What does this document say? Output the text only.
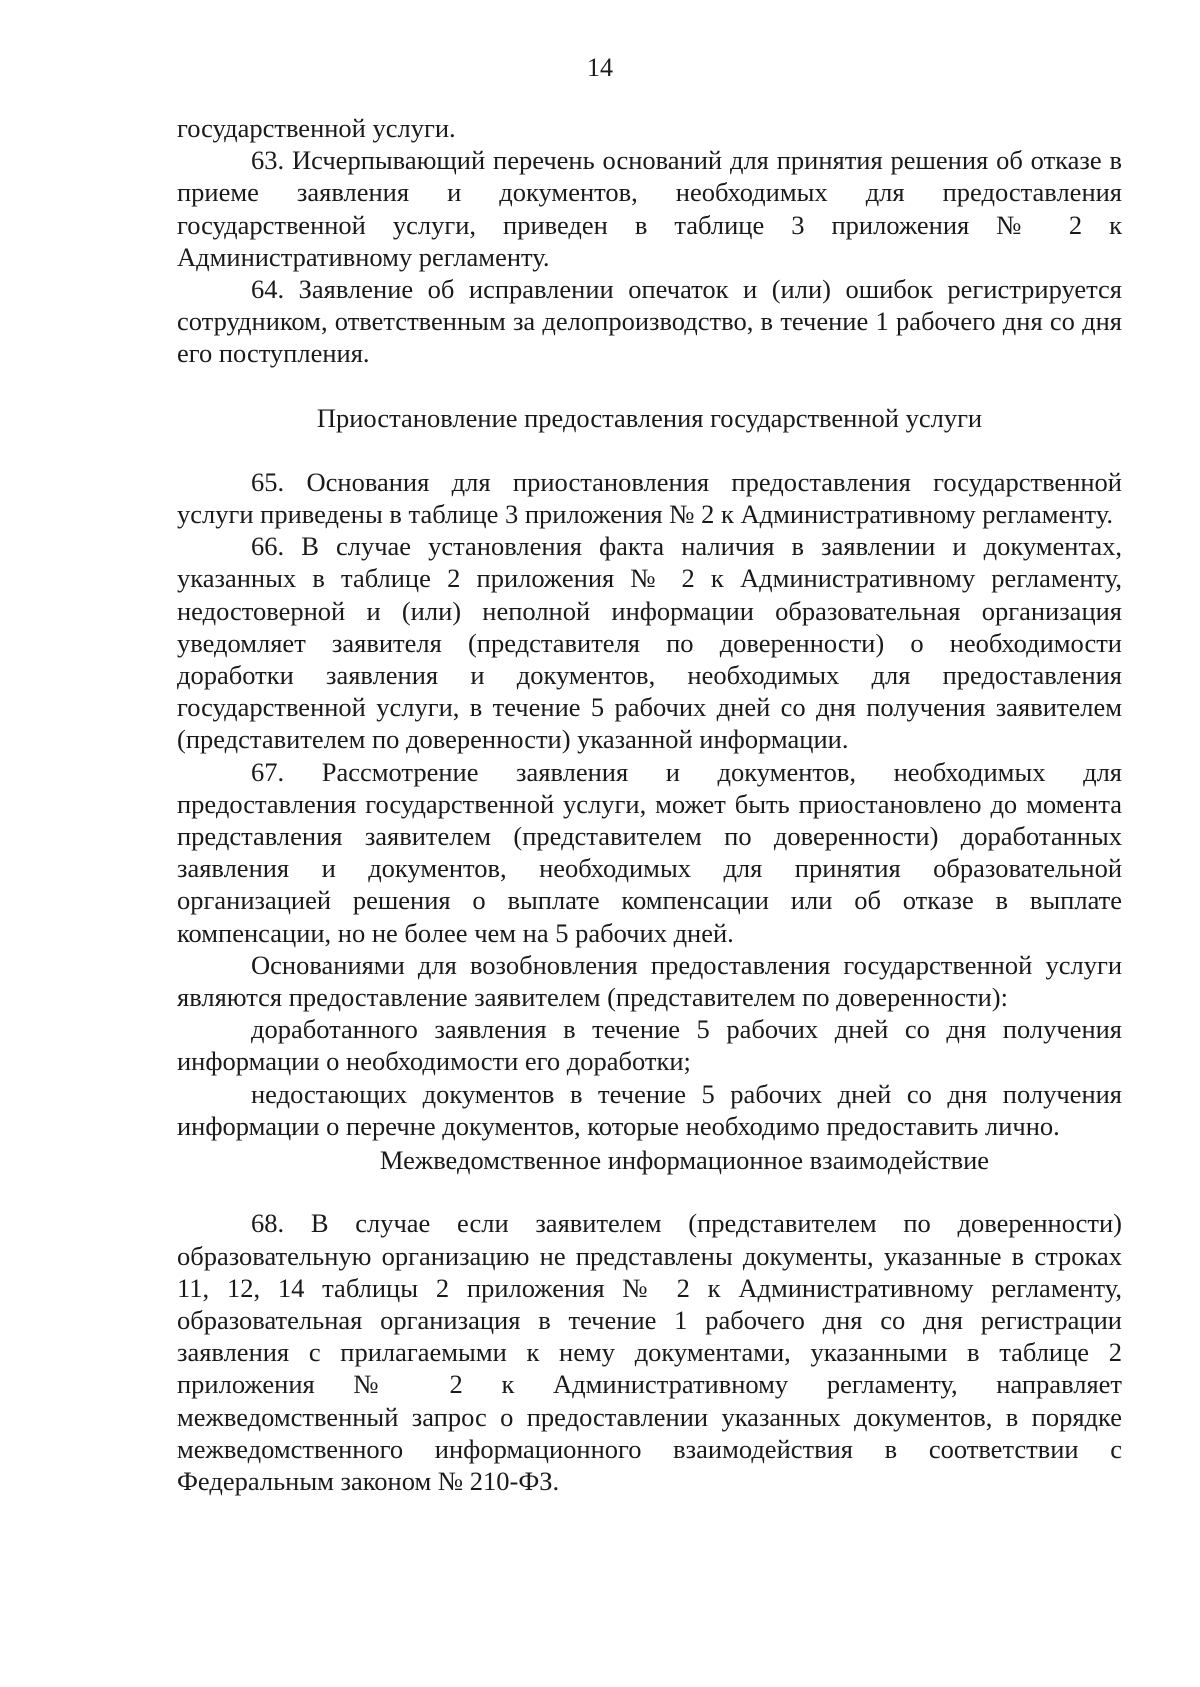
14

государственной услуги.

63. Исчерпывающий перечень оснований для принятия решения об отказе в приеме заявления и документов, необходимых для предоставления государственной услуги, приведен в таблице 3 приложения № 2 к Административному регламенту.

64. Заявление об исправлении опечаток и (или) ошибок регистрируется сотрудником, ответственным за делопроизводство, в течение 1 рабочего дня со дня его поступления.

Приостановление предоставления государственной услуги

65. Основания для приостановления предоставления государственной услуги приведены в таблице 3 приложения № 2 к Административному регламенту.

66. В случае установления факта наличия в заявлении и документах, указанных в таблице 2 приложения № 2 к Административному регламенту, недостоверной и (или) неполной информации образовательная организация уведомляет заявителя (представителя по доверенности) о необходимости доработки заявления и документов, необходимых для предоставления государственной услуги, в течение 5 рабочих дней со дня получения заявителем (представителем по доверенности) указанной информации.

67. Рассмотрение заявления и документов, необходимых для предоставления государственной услуги, может быть приостановлено до момента представления заявителем (представителем по доверенности) доработанных заявления и документов, необходимых для принятия образовательной организацией решения о выплате компенсации или об отказе в выплате компенсации, но не более чем на 5 рабочих дней.

Основаниями для возобновления предоставления государственной услуги являются предоставление заявителем (представителем по доверенности):

доработанного заявления в течение 5 рабочих дней со дня получения информации о необходимости его доработки;

недостающих документов в течение 5 рабочих дней со дня получения информации о перечне документов, которые необходимо предоставить лично.

Межведомственное информационное взаимодействие

68. В случае если заявителем (представителем по доверенности) образовательную организацию не представлены документы, указанные в строках 11, 12, 14 таблицы 2 приложения № 2 к Административному регламенту, образовательная организация в течение 1 рабочего дня со дня регистрации заявления с прилагаемыми к нему документами, указанными в таблице 2 приложения № 2 к Административному регламенту, направляет межведомственный запрос о предоставлении указанных документов, в порядке межведомственного информационного взаимодействия в соответствии с Федеральным законом № 210-ФЗ.
